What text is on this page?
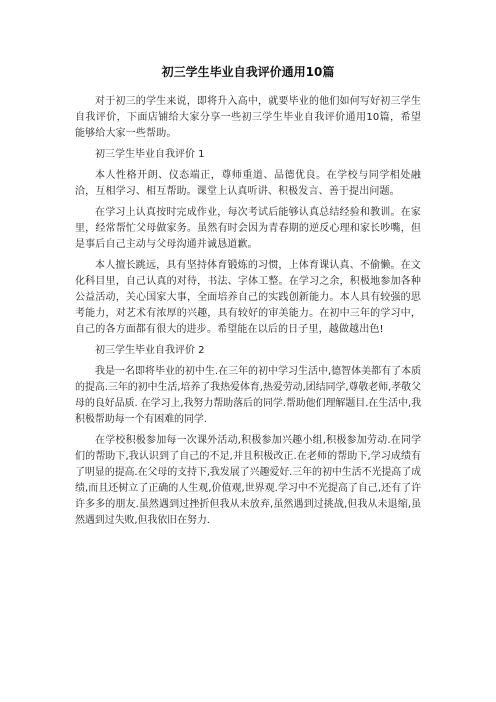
初三学生毕业自我评价通用10篇

对于初三的学生来说，即将升入高中，就要毕业的他们如何写好初三学生自我评价，下面店铺给大家分享一些初三学生毕业自我评价通用10篇，希望能够给大家一些帮助。

初三学生毕业自我评价 1

本人性格开朗、仪态端正，尊师重道、品德优良。在学校与同学相处融洽，互相学习、相互帮助。课堂上认真听讲、积极发言、善于提出问题。

在学习上认真按时完成作业，每次考试后能够认真总结经验和教训。在家里，经常帮忙父母做家务。虽然有时会因为青春期的逆反心理和家长吵嘴，但是事后自己主动与父母沟通并诚恳道歉。

本人擅长跳远，具有坚持体育锻炼的习惯，上体育课认真、不偷懒。在文化科目里，自己认真的对待，书法、字体工整。在学习之余，积极地参加各种公益活动，关心国家大事，全面培养自己的实践创新能力。本人具有较强的思考能力，对艺术有浓厚的兴趣，具有较好的审美能力。在初中三年的学习中，自己的各方面都有很大的进步。希望能在以后的日子里，越做越出色!

初三学生毕业自我评价 2

我是一名即将毕业的初中生.在三年的初中学习生活中,德智体美都有了本质的提高.三年的初中生活,培养了我热爱体育,热爱劳动,团结同学,尊敬老师,孝敬父母的良好品质. 在学习上,我努力帮助落后的同学.帮助他们理解题目.在生活中,我积极帮助每一个有困难的同学.

在学校积极参加每一次课外活动,积极参加兴趣小组,积极参加劳动.在同学们的帮助下,我认识到了自己的不足,并且积极改正.在老师的帮助下,学习成绩有了明显的提高.在父母的支持下,我发展了兴趣爱好.三年的初中生活不光提高了成绩,而且还树立了正确的人生观,价值观,世界观.学习中不光提高了自己,还有了许许多多的朋友.虽然遇到过挫折但我从未放弃,虽然遇到过挑战,但我从未退缩,虽然遇到过失败,但我依旧在努力.
